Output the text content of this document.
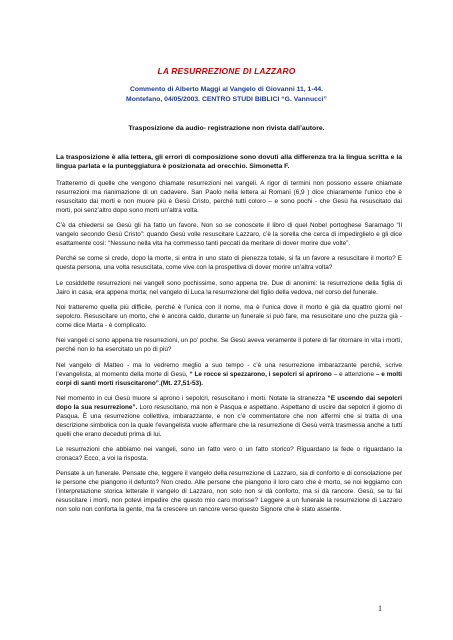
LA RESURREZIONE DI LAZZARO
Commento di Alberto Maggi al Vangelo di Giovanni 11, 1-44.
Montefano, 04/05/2003. CENTRO STUDI BIBLICI “G. Vannucci”
Trasposizione da audio- registrazione non rivista dall’autore.
La trasposizione è alla lettera, gli errori di composizione sono dovuti alla differenza tra la lingua scritta e la lingua parlata e la punteggiatura è posizionata ad orecchio. Simonetta F.

Tratteremo di quelle che vengono chiamate resurrezioni nei vangeli. A rigor di termini non possono essere chiamate resurrezioni ma rianimazione di un cadavere. San Paolo nella lettera ai Romani (6,9 ) dice chiaramente l’unico che è resuscitato dai morti e non muore più è Gesù Cristo, perché tutti coloro – e sono pochi - che Gesù ha resuscitato dai morti, poi senz’altro dopo sono morti un’altra volta.

C’è da chiedersi se Gesù gli ha fatto un favore. Non so se conoscete il libro di quel Nobel portoghese Saramago “Il vangelo secondo Gesù Cristo”: quando Gesù volle resuscitare Lazzaro, c’è la sorella che cerca di impedirglielo e gli dice esattamente così: “Nessuno nella vita ha commesso tanti peccati da meritare di dover morire due volte”.

Perché se come si crede, dopo la morte, si entra in uno stato di pienezza totale, si fa un favore a resuscitare il morto? E questa persona, una volta resuscitata, come vive con la prospettiva di dover morire un’altra volta?

Le cosiddette resurrezioni nei vangeli sono pochissime, sono appena tre. Due di anonimi: la resurrezione della figlia di Jairo in casa, era appena morta; nel vangelo di Luca la resurrezione del figlio della vedova, nel corso del funerale.

Noi tratteremo quella più difficile, perché è l’unica con il nome, ma è l’unica dove il morto è già da quattro giorni nel sepolcro. Resuscitare un morto, che è ancora caldo, durante un funerale si può fare, ma resuscitare uno che puzza già - come dice Marta - è complicato.

Nei vangeli ci sono appena tre resurrezioni, un po’ poche. Se Gesù aveva veramente il potere di far ritornare in vita i morti, perché non lo ha esercitato un po di più?

Nel vangelo di Matteo - ma lo vedremo meglio a suo tempo - c’è una resurrezione imbarazzante perché, scrive l’evangelista, al momento della morte di Gesù, “ Le rocce si spezzarono, i sepolcri si aprirono – e attenzione – e molti corpi di santi morti risuscitarono”.(Mt. 27,51-53).

Nel momento in cui Gesù muore si aprono i sepolcri, resuscitano i morti. Notate la stranezza “E uscendo dai sepolcri dopo la sua resurrezione”. Loro resuscitano, ma non è Pasqua e aspettano. Aspettano di uscire dai sepolcri il giorno di Pasqua. È una resurrezione collettiva, imbarazzante, e non c’è commentatore che non affermi che si tratta di una descrizione simbolica con la quale l’evangelista vuole affermare che la resurrezione di Gesù verrà trasmessa anche a tutti quelli che erano deceduti prima di lui.

Le resurrezioni che abbiamo nei vangeli, sono un fatto vero o un fatto storico? Riguardano la fede o riguardano la cronaca? Ecco, a voi la risposta.

Pensate a un funerale. Pensate che, leggere il vangelo della resurrezione di Lazzaro, sia di conforto e di consolazione per le persone che piangono il defunto? Non credo. Alle persone che piangono il loro caro che è morto, se noi leggiamo con l’interpretazione storica letterale il vangelo di Lazzaro, non solo non si dà conforto, ma si dà rancore. Gesù, se tu fai resuscitare i morti, non potevi impedire che questo mio caro morisse? Leggere a un funerale la resurrezione di Lazzaro non solo non conforta la gente, ma fa crescere un rancore verso questo Signore che è stato assente.

1
